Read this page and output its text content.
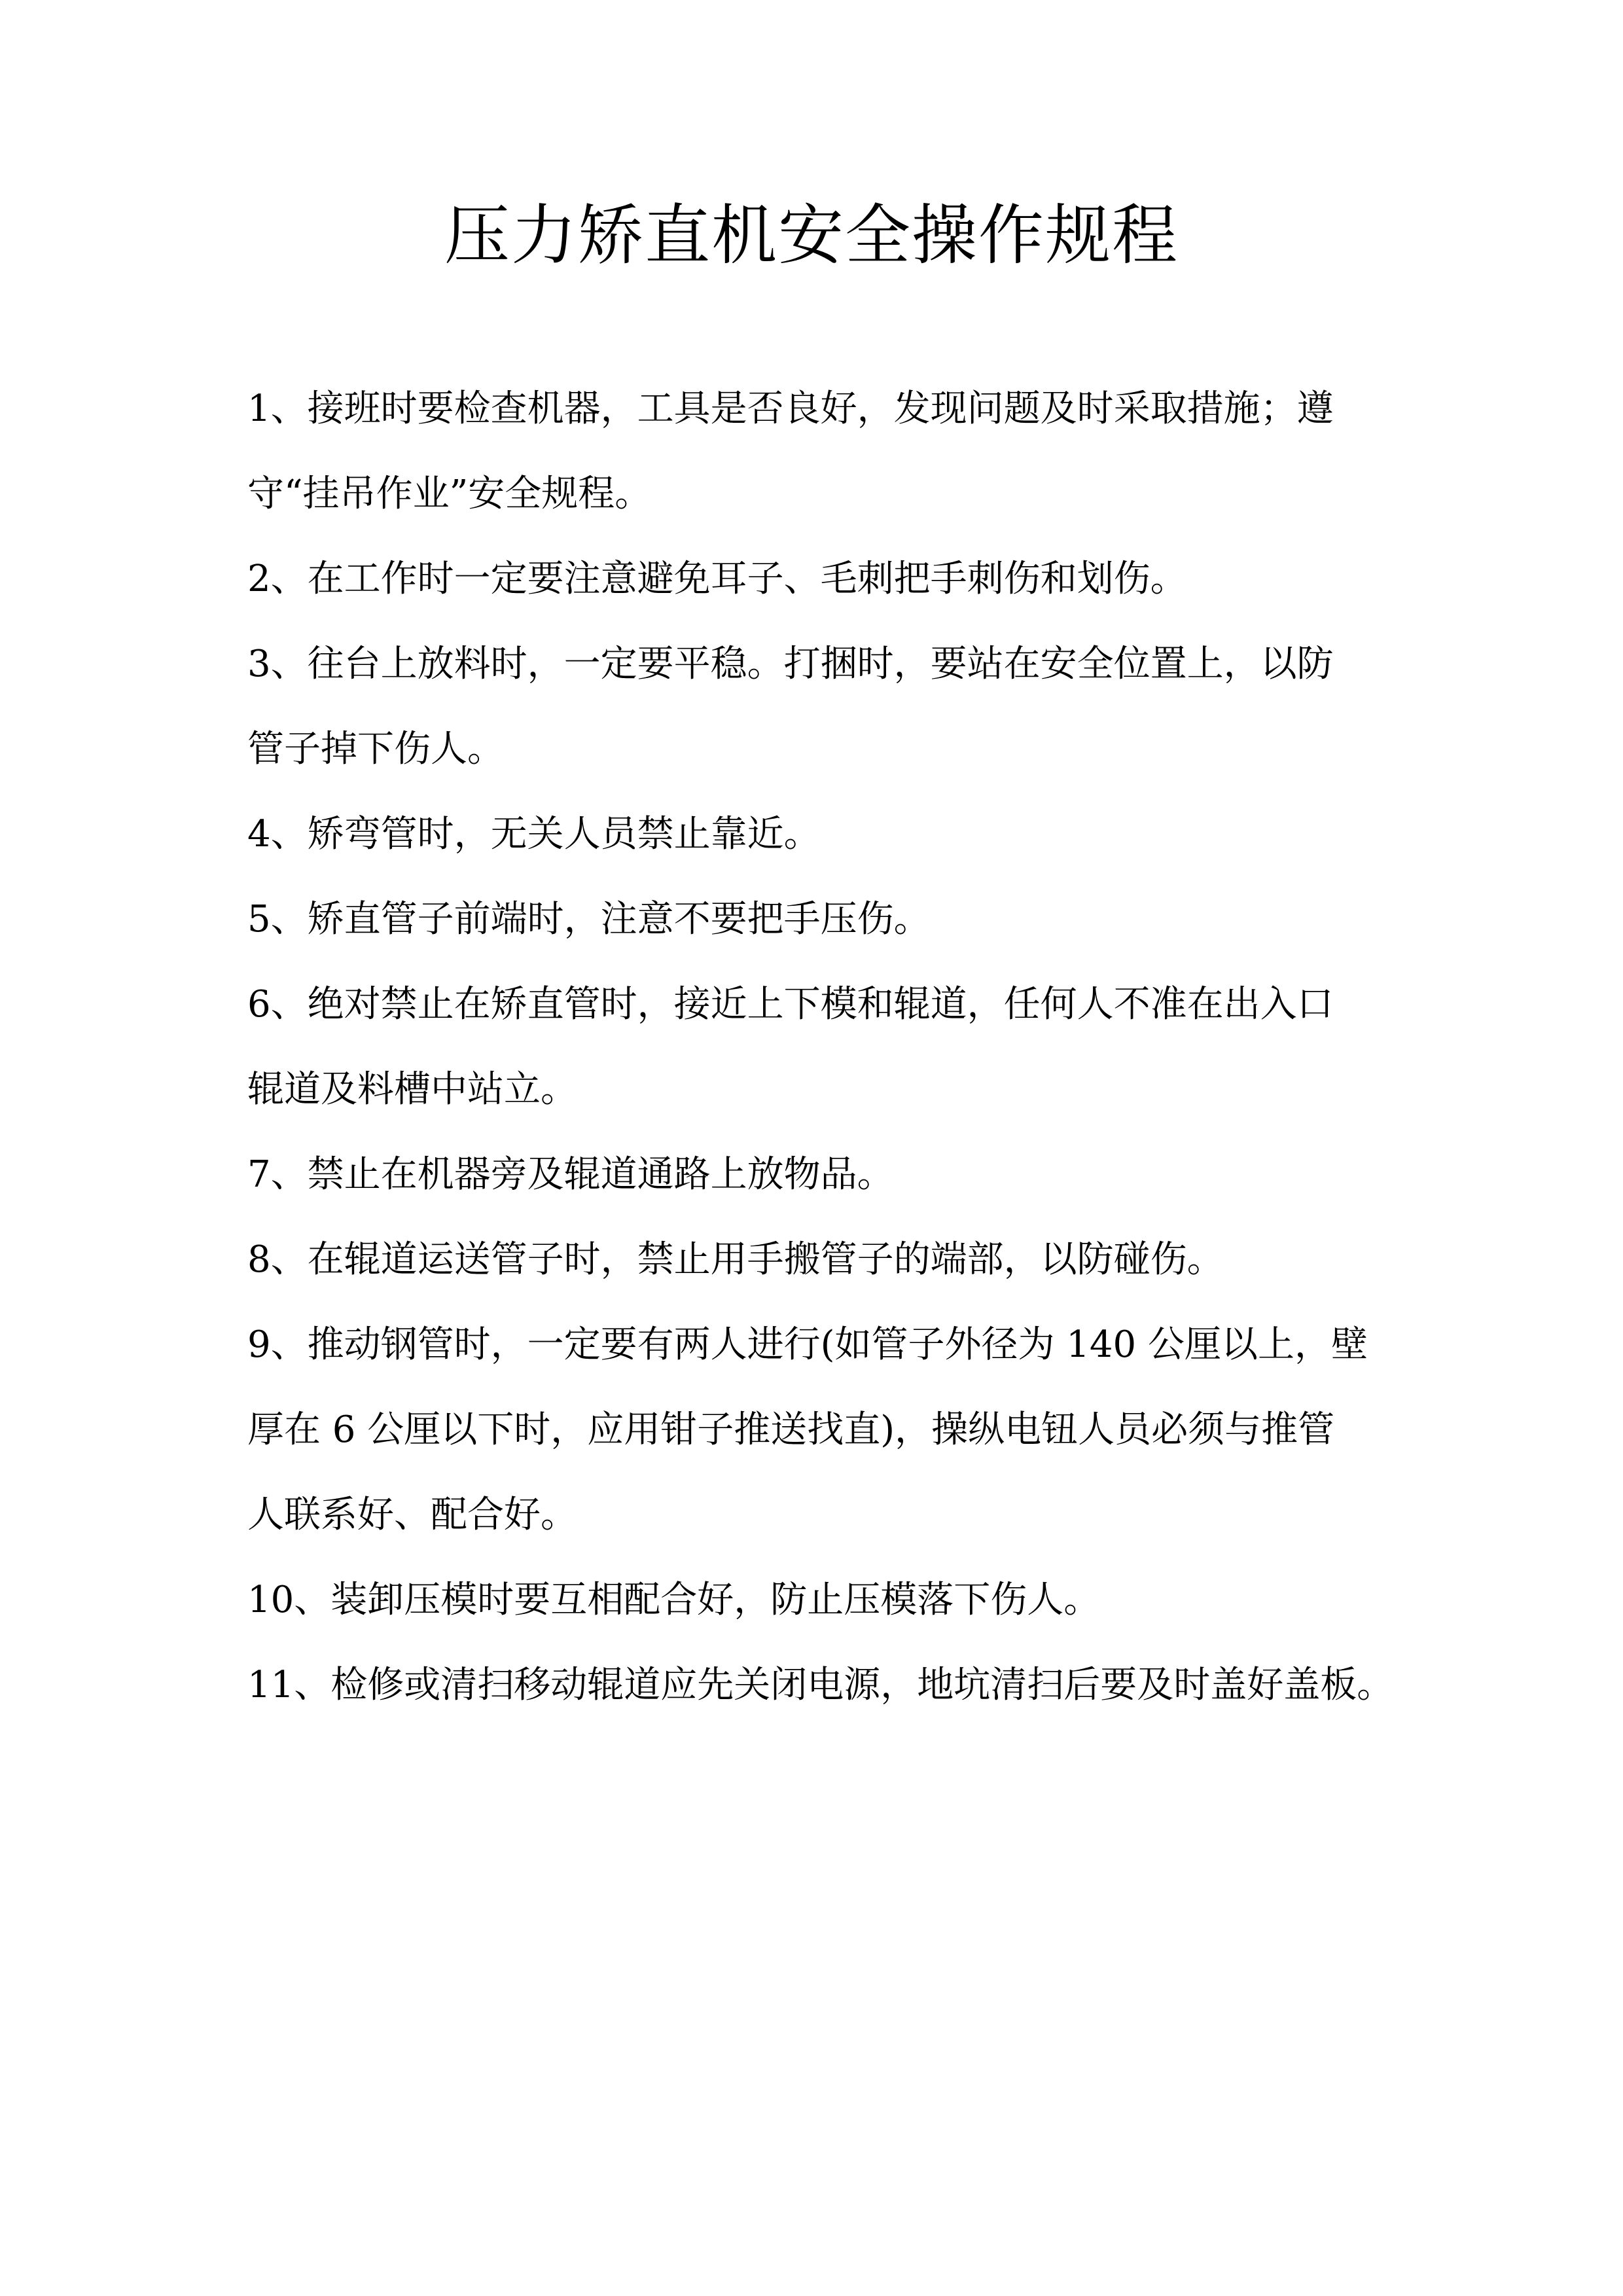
压力矫直机安全操作规程

1、接班时要检查机器，工具是否良好，发现问题及时采取措施；遵

守“挂吊作业”安全规程。

2、在工作时一定要注意避免耳子、毛刺把手刺伤和划伤。

3、往台上放料时，一定要平稳。打捆时，要站在安全位置上，以防

管子掉下伤人。

4、矫弯管时，无关人员禁止靠近。

5、矫直管子前端时，注意不要把手压伤。

6、绝对禁止在矫直管时，接近上下模和辊道，任何人不准在出入口

辊道及料槽中站立。

7、禁止在机器旁及辊道通路上放物品。

8、在辊道运送管子时，禁止用手搬管子的端部，以防碰伤。

9、推动钢管时，一定要有两人进行(如管子外径为 140 公厘以上，壁

厚在 6 公厘以下时，应用钳子推送找直)，操纵电钮人员必须与推管

人联系好、配合好。

10、装卸压模时要互相配合好，防止压模落下伤人。

11、检修或清扫移动辊道应先关闭电源，地坑清扫后要及时盖好盖板。
